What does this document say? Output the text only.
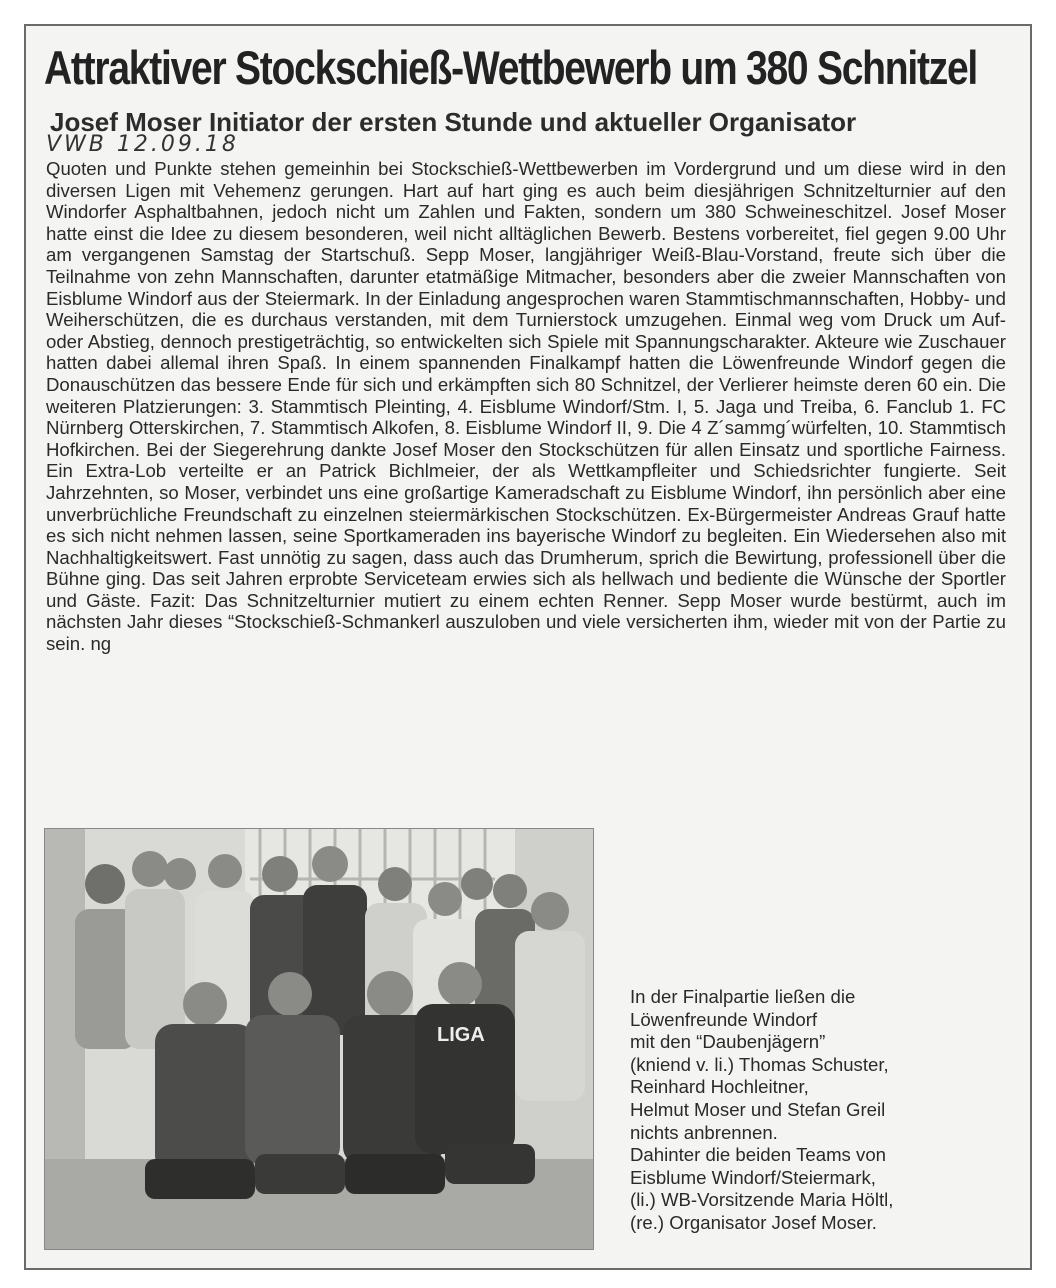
Attraktiver Stockschieß-Wettbewerb um 380 Schnitzel
Josef Moser Initiator der ersten Stunde und aktueller Organisator
VWB 12.09.18
Quoten und Punkte stehen gemeinhin bei Stockschieß-Wettbewerben im Vordergrund und um diese wird in den diversen Ligen mit Vehemenz gerungen. Hart auf hart ging es auch beim diesjährigen Schnitzelturnier auf den Windorfer Asphaltbahnen, jedoch nicht um Zahlen und Fakten, sondern um 380 Schweineschitzel. Josef Moser hatte einst die Idee zu diesem besonderen, weil nicht alltäglichen Bewerb. Bestens vorbereitet, fiel gegen 9.00 Uhr am vergangenen Samstag der Startschuß. Sepp Moser, langjähriger Weiß-Blau-Vorstand, freute sich über die Teilnahme von zehn Mannschaften, darunter etatmäßige Mitmacher, besonders aber die zweier Mannschaften von Eisblume Windorf aus der Steiermark. In der Einladung angesprochen waren Stammtischmannschaften, Hobby- und Weiherschützen, die es durchaus verstanden, mit dem Turnierstock umzugehen. Einmal weg vom Druck um Auf- oder Abstieg, dennoch prestigeträchtig, so entwickelten sich Spiele mit Spannungscharakter. Akteure wie Zuschauer hatten dabei allemal ihren Spaß. In einem spannenden Finalkampf hatten die Löwenfreunde Windorf gegen die Donauschützen das bessere Ende für sich und erkämpften sich 80 Schnitzel, der Verlierer heimste deren 60 ein. Die weiteren Platzierungen: 3. Stammtisch Pleinting, 4. Eisblume Windorf/Stm. I, 5. Jaga und Treiba, 6. Fanclub 1. FC Nürnberg Otterskirchen, 7. Stammtisch Alkofen, 8. Eisblume Windorf II, 9. Die 4 Z´sammg´würfelten, 10. Stammtisch Hofkirchen. Bei der Siegerehrung dankte Josef Moser den Stockschützen für allen Einsatz und sportliche Fairness. Ein Extra-Lob verteilte er an Patrick Bichlmeier, der als Wettkampfleiter und Schiedsrichter fungierte. Seit Jahrzehnten, so Moser, verbindet uns eine großartige Kameradschaft zu Eisblume Windorf, ihn persönlich aber eine unverbrüchliche Freundschaft zu einzelnen steiermärkischen Stockschützen. Ex-Bürgermeister Andreas Grauf hatte es sich nicht nehmen lassen, seine Sportkameraden ins bayerische Windorf zu begleiten. Ein Wiedersehen also mit Nachhaltigkeitswert. Fast unnötig zu sagen, dass auch das Drumherum, sprich die Bewirtung, professionell über die Bühne ging. Das seit Jahren erprobte Serviceteam erwies sich als hellwach und bediente die Wünsche der Sportler und Gäste. Fazit: Das Schnitzelturnier mutiert zu einem echten Renner. Sepp Moser wurde bestürmt, auch im nächsten Jahr dieses “Stockschieß-Schmankerl auszuloben und viele versicherten ihm, wieder mit von der Partie zu sein. ng
LIGA
In der Finalpartie ließen die
Löwenfreunde Windorf
mit den “Daubenjägern”
(kniend v. li.) Thomas Schuster,
Reinhard Hochleitner,
Helmut Moser und Stefan Greil
nichts anbrennen.
Dahinter die beiden Teams von
Eisblume Windorf/Steiermark,
(li.) WB-Vorsitzende Maria Höltl,
(re.) Organisator Josef Moser.
